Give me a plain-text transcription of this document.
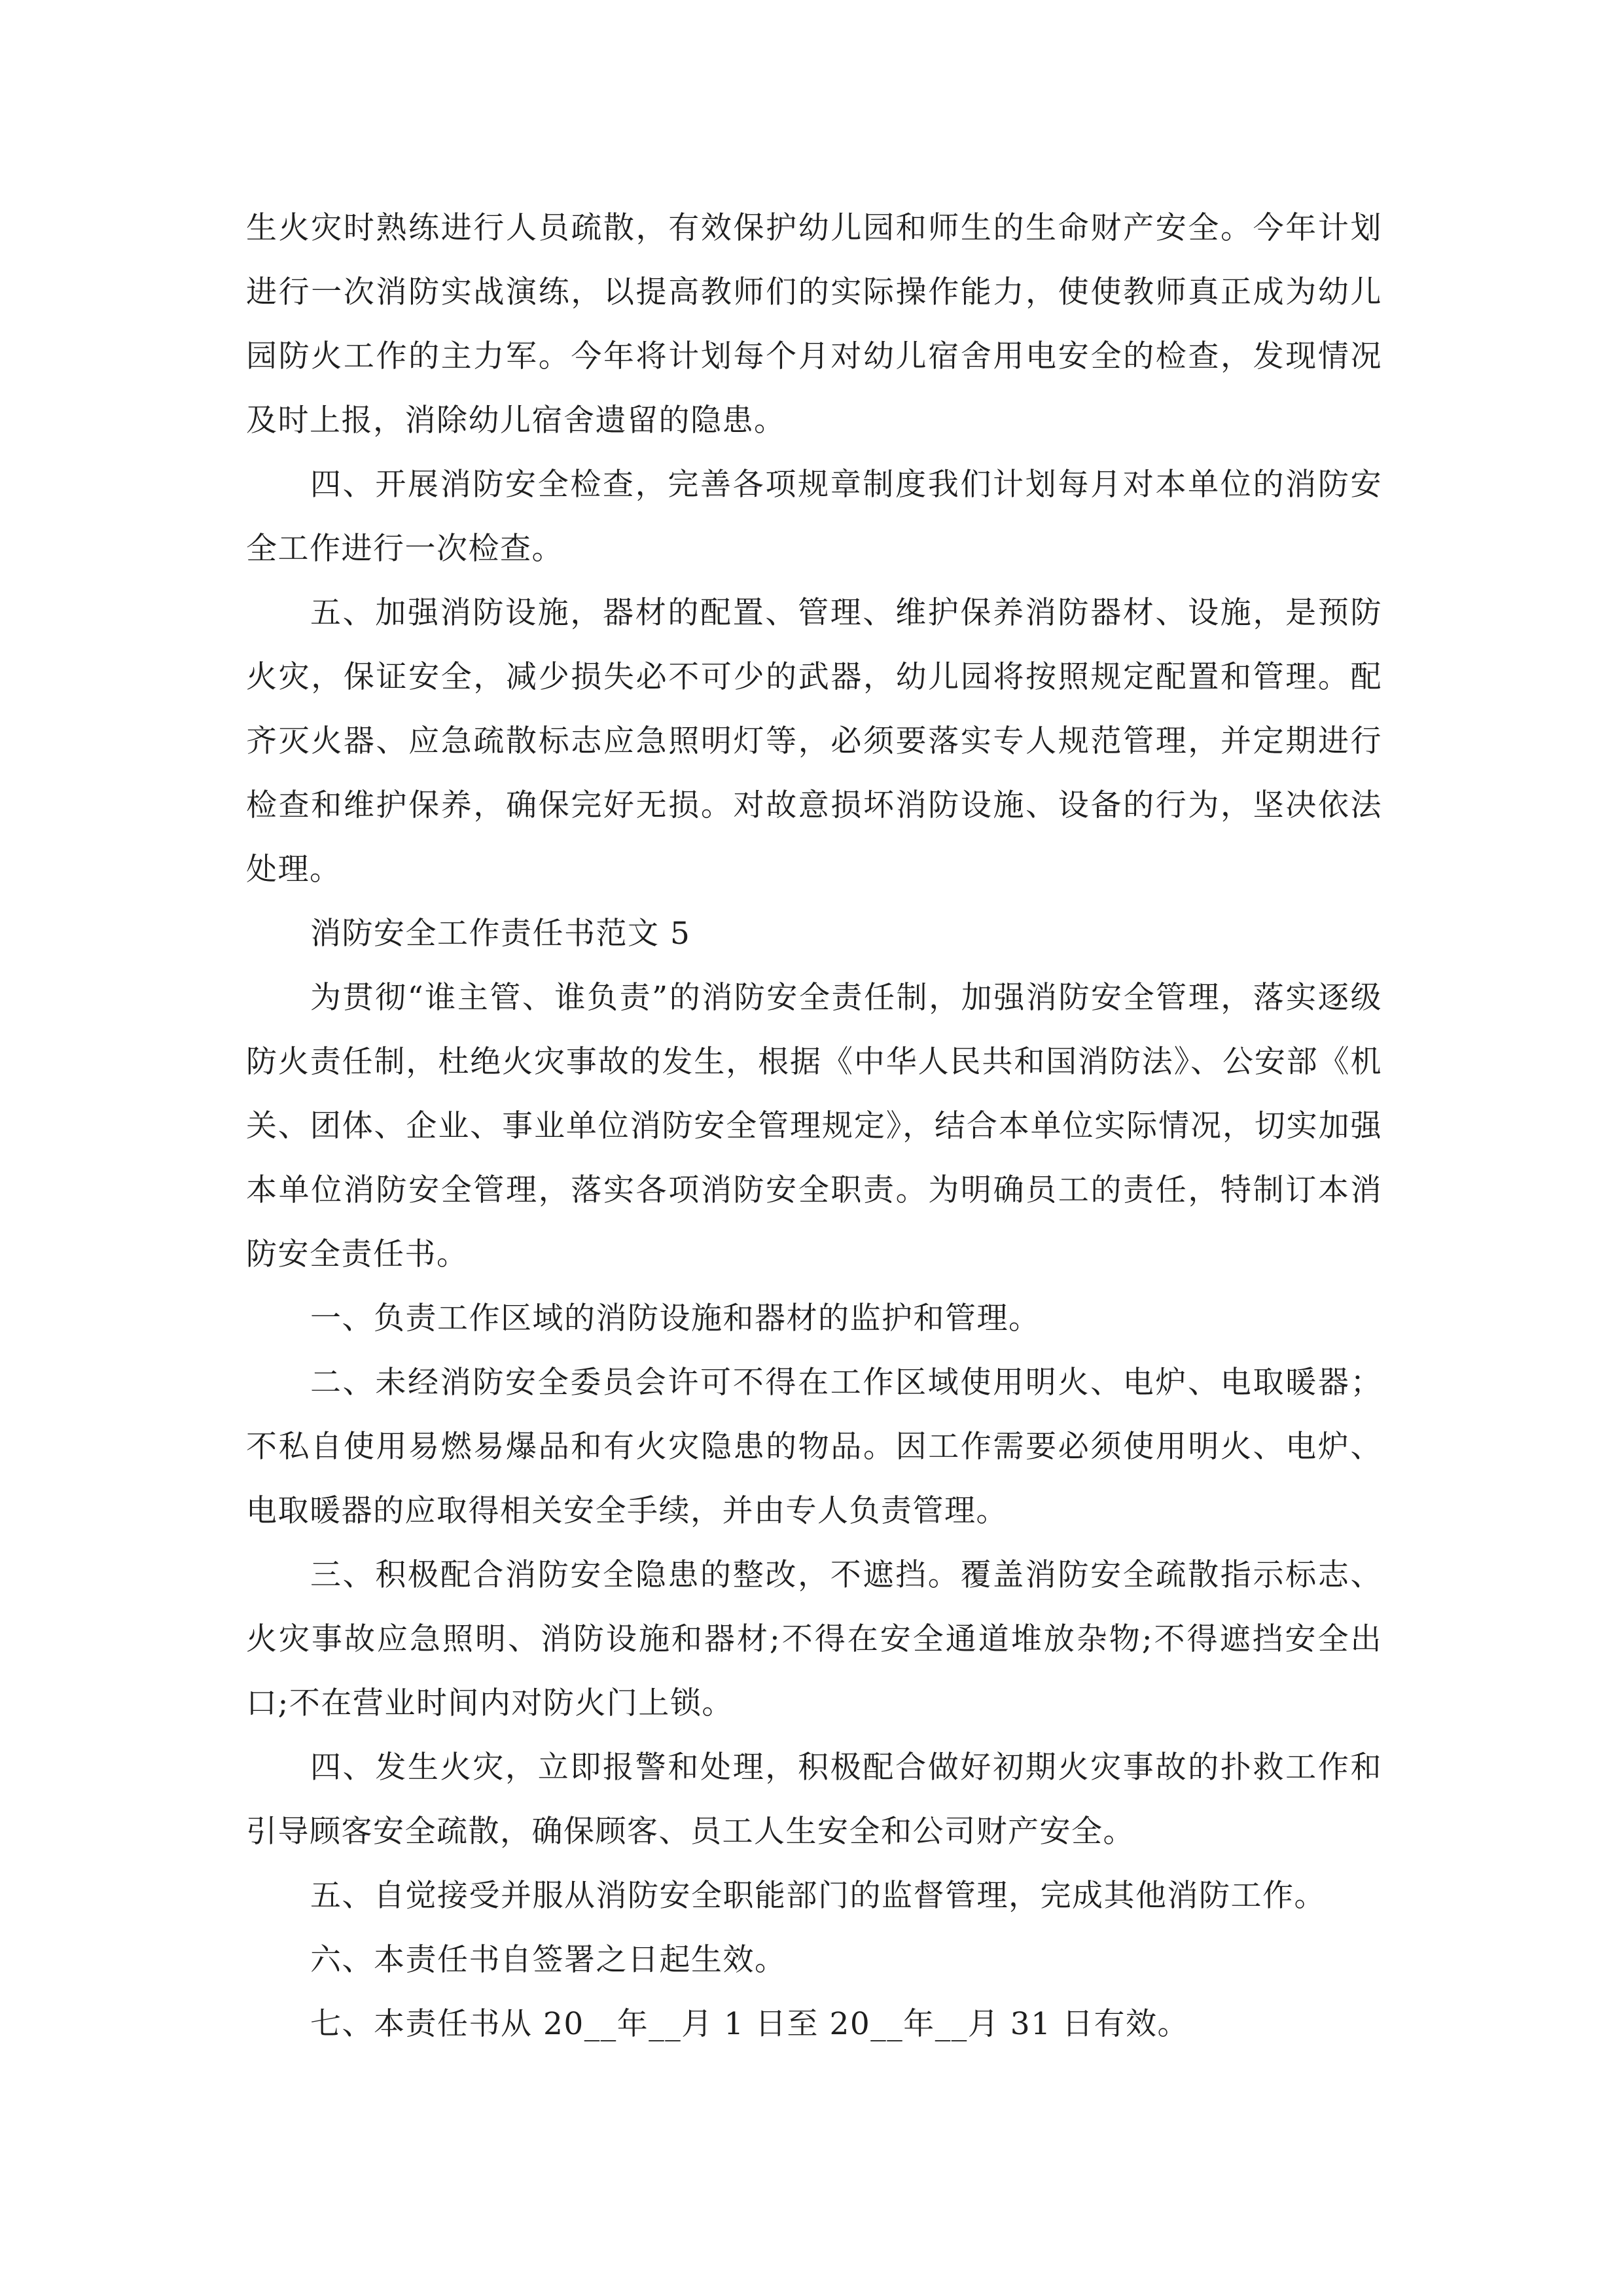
生火灾时熟练进行人员疏散，有效保护幼儿园和师生的生命财产安全。今年计划进行一次消防实战演练，以提高教师们的实际操作能力，使使教师真正成为幼儿园防火工作的主力军。今年将计划每个月对幼儿宿舍用电安全的检查，发现情况及时上报，消除幼儿宿舍遗留的隐患。

四、开展消防安全检查，完善各项规章制度我们计划每月对本单位的消防安全工作进行一次检查。

五、加强消防设施，器材的配置、管理、维护保养消防器材、设施，是预防火灾，保证安全，减少损失必不可少的武器，幼儿园将按照规定配置和管理。配齐灭火器、应急疏散标志应急照明灯等，必须要落实专人规范管理，并定期进行检查和维护保养，确保完好无损。对故意损坏消防设施、设备的行为，坚决依法处理。

消防安全工作责任书范文 5

为贯彻“谁主管、谁负责”的消防安全责任制，加强消防安全管理，落实逐级防火责任制，杜绝火灾事故的发生，根据《中华人民共和国消防法》、公安部《机关、团体、企业、事业单位消防安全管理规定》，结合本单位实际情况，切实加强本单位消防安全管理，落实各项消防安全职责。为明确员工的责任，特制订本消防安全责任书。

一、负责工作区域的消防设施和器材的监护和管理。

二、未经消防安全委员会许可不得在工作区域使用明火、电炉、电取暖器；不私自使用易燃易爆品和有火灾隐患的物品。因工作需要必须使用明火、电炉、电取暖器的应取得相关安全手续，并由专人负责管理。

三、积极配合消防安全隐患的整改，不遮挡。覆盖消防安全疏散指示标志、火灾事故应急照明、消防设施和器材;不得在安全通道堆放杂物;不得遮挡安全出口;不在营业时间内对防火门上锁。

四、发生火灾，立即报警和处理，积极配合做好初期火灾事故的扑救工作和引导顾客安全疏散，确保顾客、员工人生安全和公司财产安全。

五、自觉接受并服从消防安全职能部门的监督管理，完成其他消防工作。

六、本责任书自签署之日起生效。

七、本责任书从 20__年__月 1 日至 20__年__月 31 日有效。
